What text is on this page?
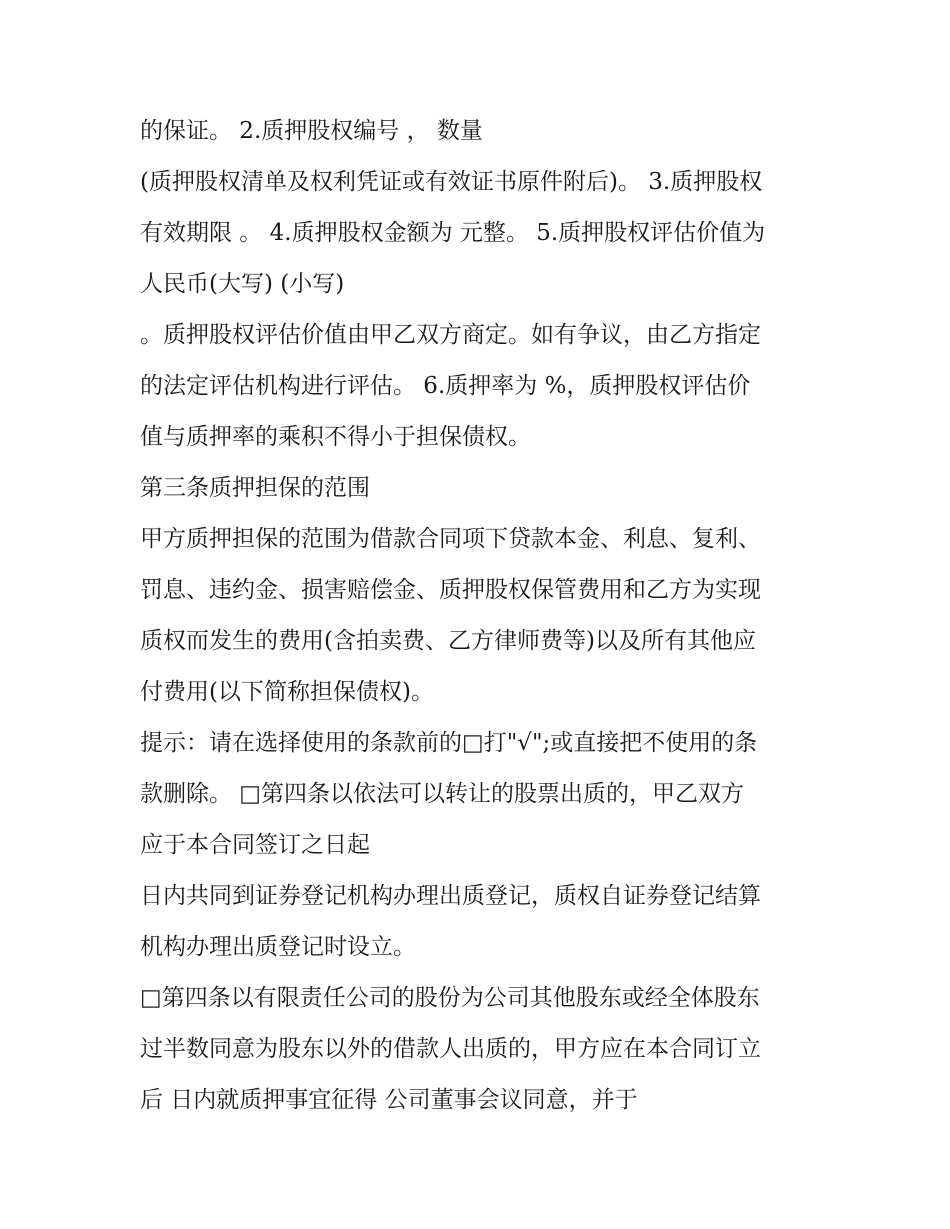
的保证。 2.质押股权编号 ， 数量
(质押股权清单及权利凭证或有效证书原件附后)。 3.质押股权
有效期限 。 4.质押股权金额为 元整。 5.质押股权评估价值为
人民币(大写) (小写)
。质押股权评估价值由甲乙双方商定。如有争议，由乙方指定
的法定评估机构进行评估。 6.质押率为 %，质押股权评估价
值与质押率的乘积不得小于担保债权。
第三条质押担保的范围
甲方质押担保的范围为借款合同项下贷款本金、利息、复利、
罚息、违约金、损害赔偿金、质押股权保管费用和乙方为实现
质权而发生的费用(含拍卖费、乙方律师费等)以及所有其他应
付费用(以下简称担保债权)。
提示：请在选择使用的条款前的□打"√";或直接把不使用的条
款删除。 □第四条以依法可以转让的股票出质的，甲乙双方
应于本合同签订之日起
日内共同到证券登记机构办理出质登记，质权自证券登记结算
机构办理出质登记时设立。
□第四条以有限责任公司的股份为公司其他股东或经全体股东
过半数同意为股东以外的借款人出质的，甲方应在本合同订立
后 日内就质押事宜征得 公司董事会议同意，并于
